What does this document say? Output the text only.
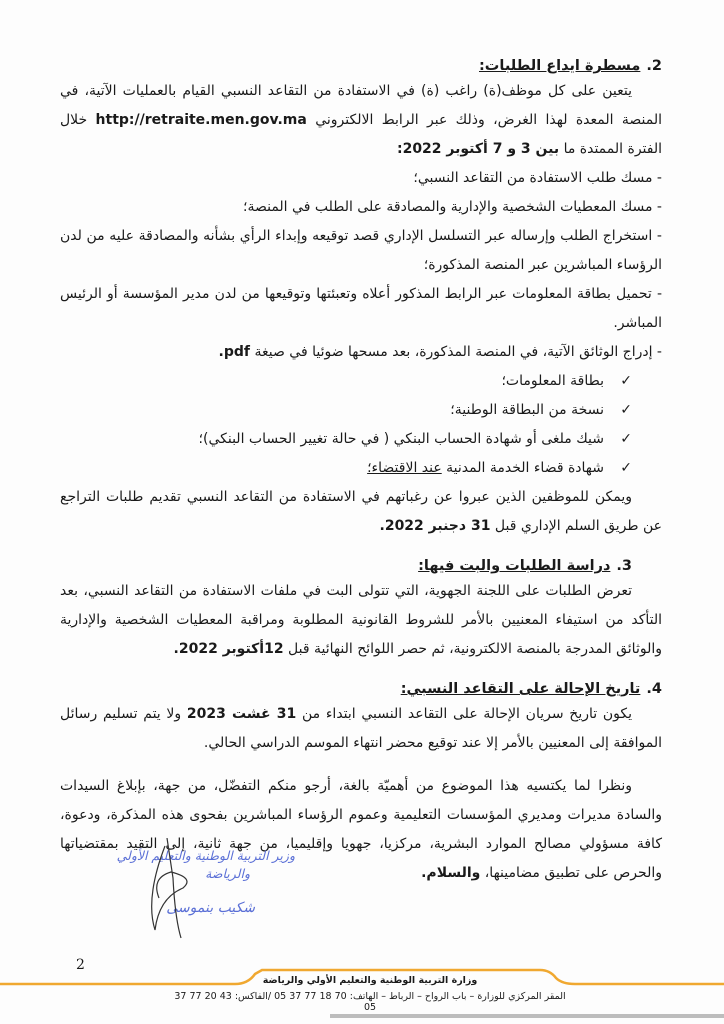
2.مسطرة ايداع الطلبات:

يتعين على كل موظف(ة) راغب (ة) في الاستفادة من التقاعد النسبي القيام بالعمليات الآتية، في المنصة المعدة لهذا الغرض، وذلك عبر الرابط الالكتروني http://retraite.men.gov.ma خلال الفترة الممتدة ما بين 3 و 7 أكتوبر 2022:

- مسك طلب الاستفادة من التقاعد النسبي؛
- مسك المعطيات الشخصية والإدارية والمصادقة على الطلب في المنصة؛
- استخراج الطلب وإرساله عبر التسلسل الإداري قصد توقيعه وإبداء الرأي بشأنه والمصادقة عليه من لدن الرؤساء المباشرين عبر المنصة المذكورة؛
- تحميل بطاقة المعلومات عبر الرابط المذكور أعلاه وتعبئتها وتوقيعها من لدن مدير المؤسسة أو الرئيس المباشر.
- إدراج الوثائق الآتية، في المنصة المذكورة، بعد مسحها ضوئيا في صيغة pdf.
✓بطاقة المعلومات؛
✓نسخة من البطاقة الوطنية؛
✓شيك ملغى أو شهادة الحساب البنكي ( في حالة تغيير الحساب البنكي)؛
✓شهادة قضاء الخدمة المدنية عند الاقتضاء؛

ويمكن للموظفين الذين عبروا عن رغباتهم في الاستفادة من التقاعد النسبي تقديم طلبات التراجع عن طريق السلم الإداري قبل 31 دجنبر 2022.

3.دراسة الطلبات والبت فيها:

تعرض الطلبات على اللجنة الجهوية، التي تتولى البت في ملفات الاستفادة من التقاعد النسبي، بعد التأكد من استيفاء المعنيين بالأمر للشروط القانونية المطلوبة ومراقبة المعطيات الشخصية والإدارية والوثائق المدرجة بالمنصة الالكترونية، ثم حصر اللوائح النهائية قبل 12أكتوبر 2022.

4.تاريخ الإحالة على التقاعد النسبي:

يكون تاريخ سريان الإحالة على التقاعد النسبي ابتداء من 31 غشت 2023 ولا يتم تسليم رسائل الموافقة إلى المعنيين بالأمر إلا عند توقيع محضر انتهاء الموسم الدراسي الحالي.

ونظرا لما يكتسيه هذا الموضوع من أهميّة بالغة، أرجو منكم التفضّل، من جهة، بإبلاغ السيدات والسادة مديرات ومديري المؤسسات التعليمية وعموم الرؤساء المباشرين بفحوى هذه المذكرة، ودعوة، كافة مسؤولي مصالح الموارد البشرية، مركزيا، جهويا وإقليميا، من جهة ثانية، إلى التقيد بمقتضياتها والحرص على تطبيق مضامينها، والسلام.

وزير التربية الوطنية والتعليم الأولي
والرياضة
شكيب بنموسى
2
وزارة التربية الوطنية والتعليم الأولي والرياضة
المقر المركزي للوزارة – باب الرواح – الرباط – الهاتف: 70 18 77 37 05 /الفاكس: 43 20 77 37 05
